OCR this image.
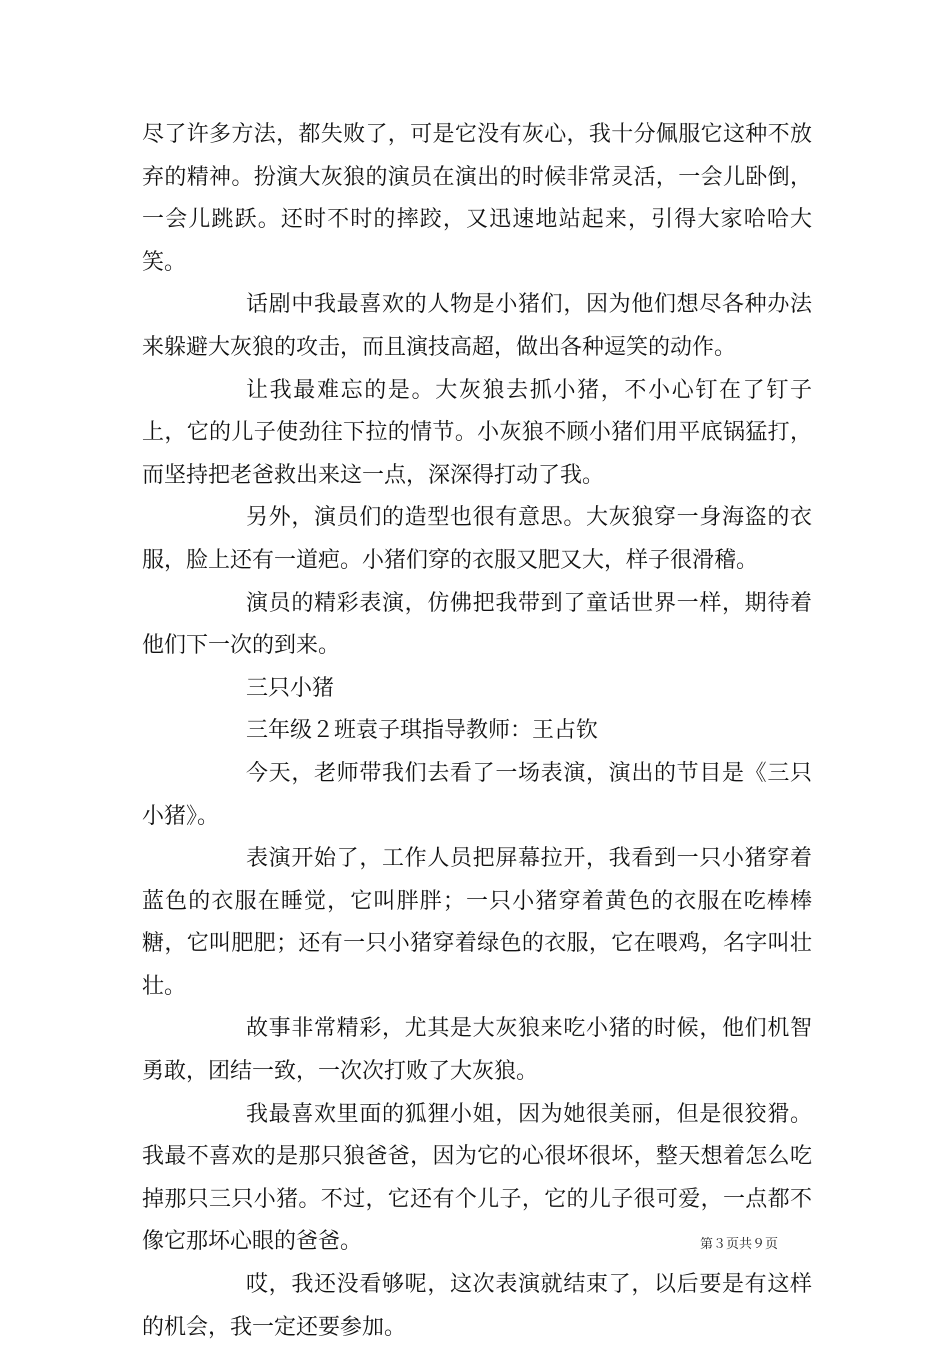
尽了许多方法，都失败了，可是它没有灰心，我十分佩服它这种不放弃的精神。扮演大灰狼的演员在演出的时候非常灵活，一会儿卧倒，一会儿跳跃。还时不时的摔跤，又迅速地站起来，引得大家哈哈大笑。

话剧中我最喜欢的人物是小猪们，因为他们想尽各种办法来躲避大灰狼的攻击，而且演技高超，做出各种逗笑的动作。

让我最难忘的是。大灰狼去抓小猪，不小心钉在了钉子上，它的儿子使劲往下拉的情节。小灰狼不顾小猪们用平底锅猛打，而坚持把老爸救出来这一点，深深得打动了我。

另外，演员们的造型也很有意思。大灰狼穿一身海盗的衣服，脸上还有一道疤。小猪们穿的衣服又肥又大，样子很滑稽。

演员的精彩表演，仿佛把我带到了童话世界一样，期待着他们下一次的到来。

三只小猪

三年级２班袁子琪指导教师：王占钦

今天，老师带我们去看了一场表演，演出的节目是《三只小猪》。

表演开始了，工作人员把屏幕拉开，我看到一只小猪穿着蓝色的衣服在睡觉，它叫胖胖；一只小猪穿着黄色的衣服在吃棒棒糖，它叫肥肥；还有一只小猪穿着绿色的衣服，它在喂鸡，名字叫壮壮。

故事非常精彩，尤其是大灰狼来吃小猪的时候，他们机智勇敢，团结一致，一次次打败了大灰狼。

我最喜欢里面的狐狸小姐，因为她很美丽，但是很狡猾。我最不喜欢的是那只狼爸爸，因为它的心很坏很坏，整天想着怎么吃掉那只三只小猪。不过，它还有个儿子，它的儿子很可爱，一点都不像它那坏心眼的爸爸。

哎，我还没看够呢，这次表演就结束了，以后要是有这样的机会，我一定还要参加。

第３页共９页
